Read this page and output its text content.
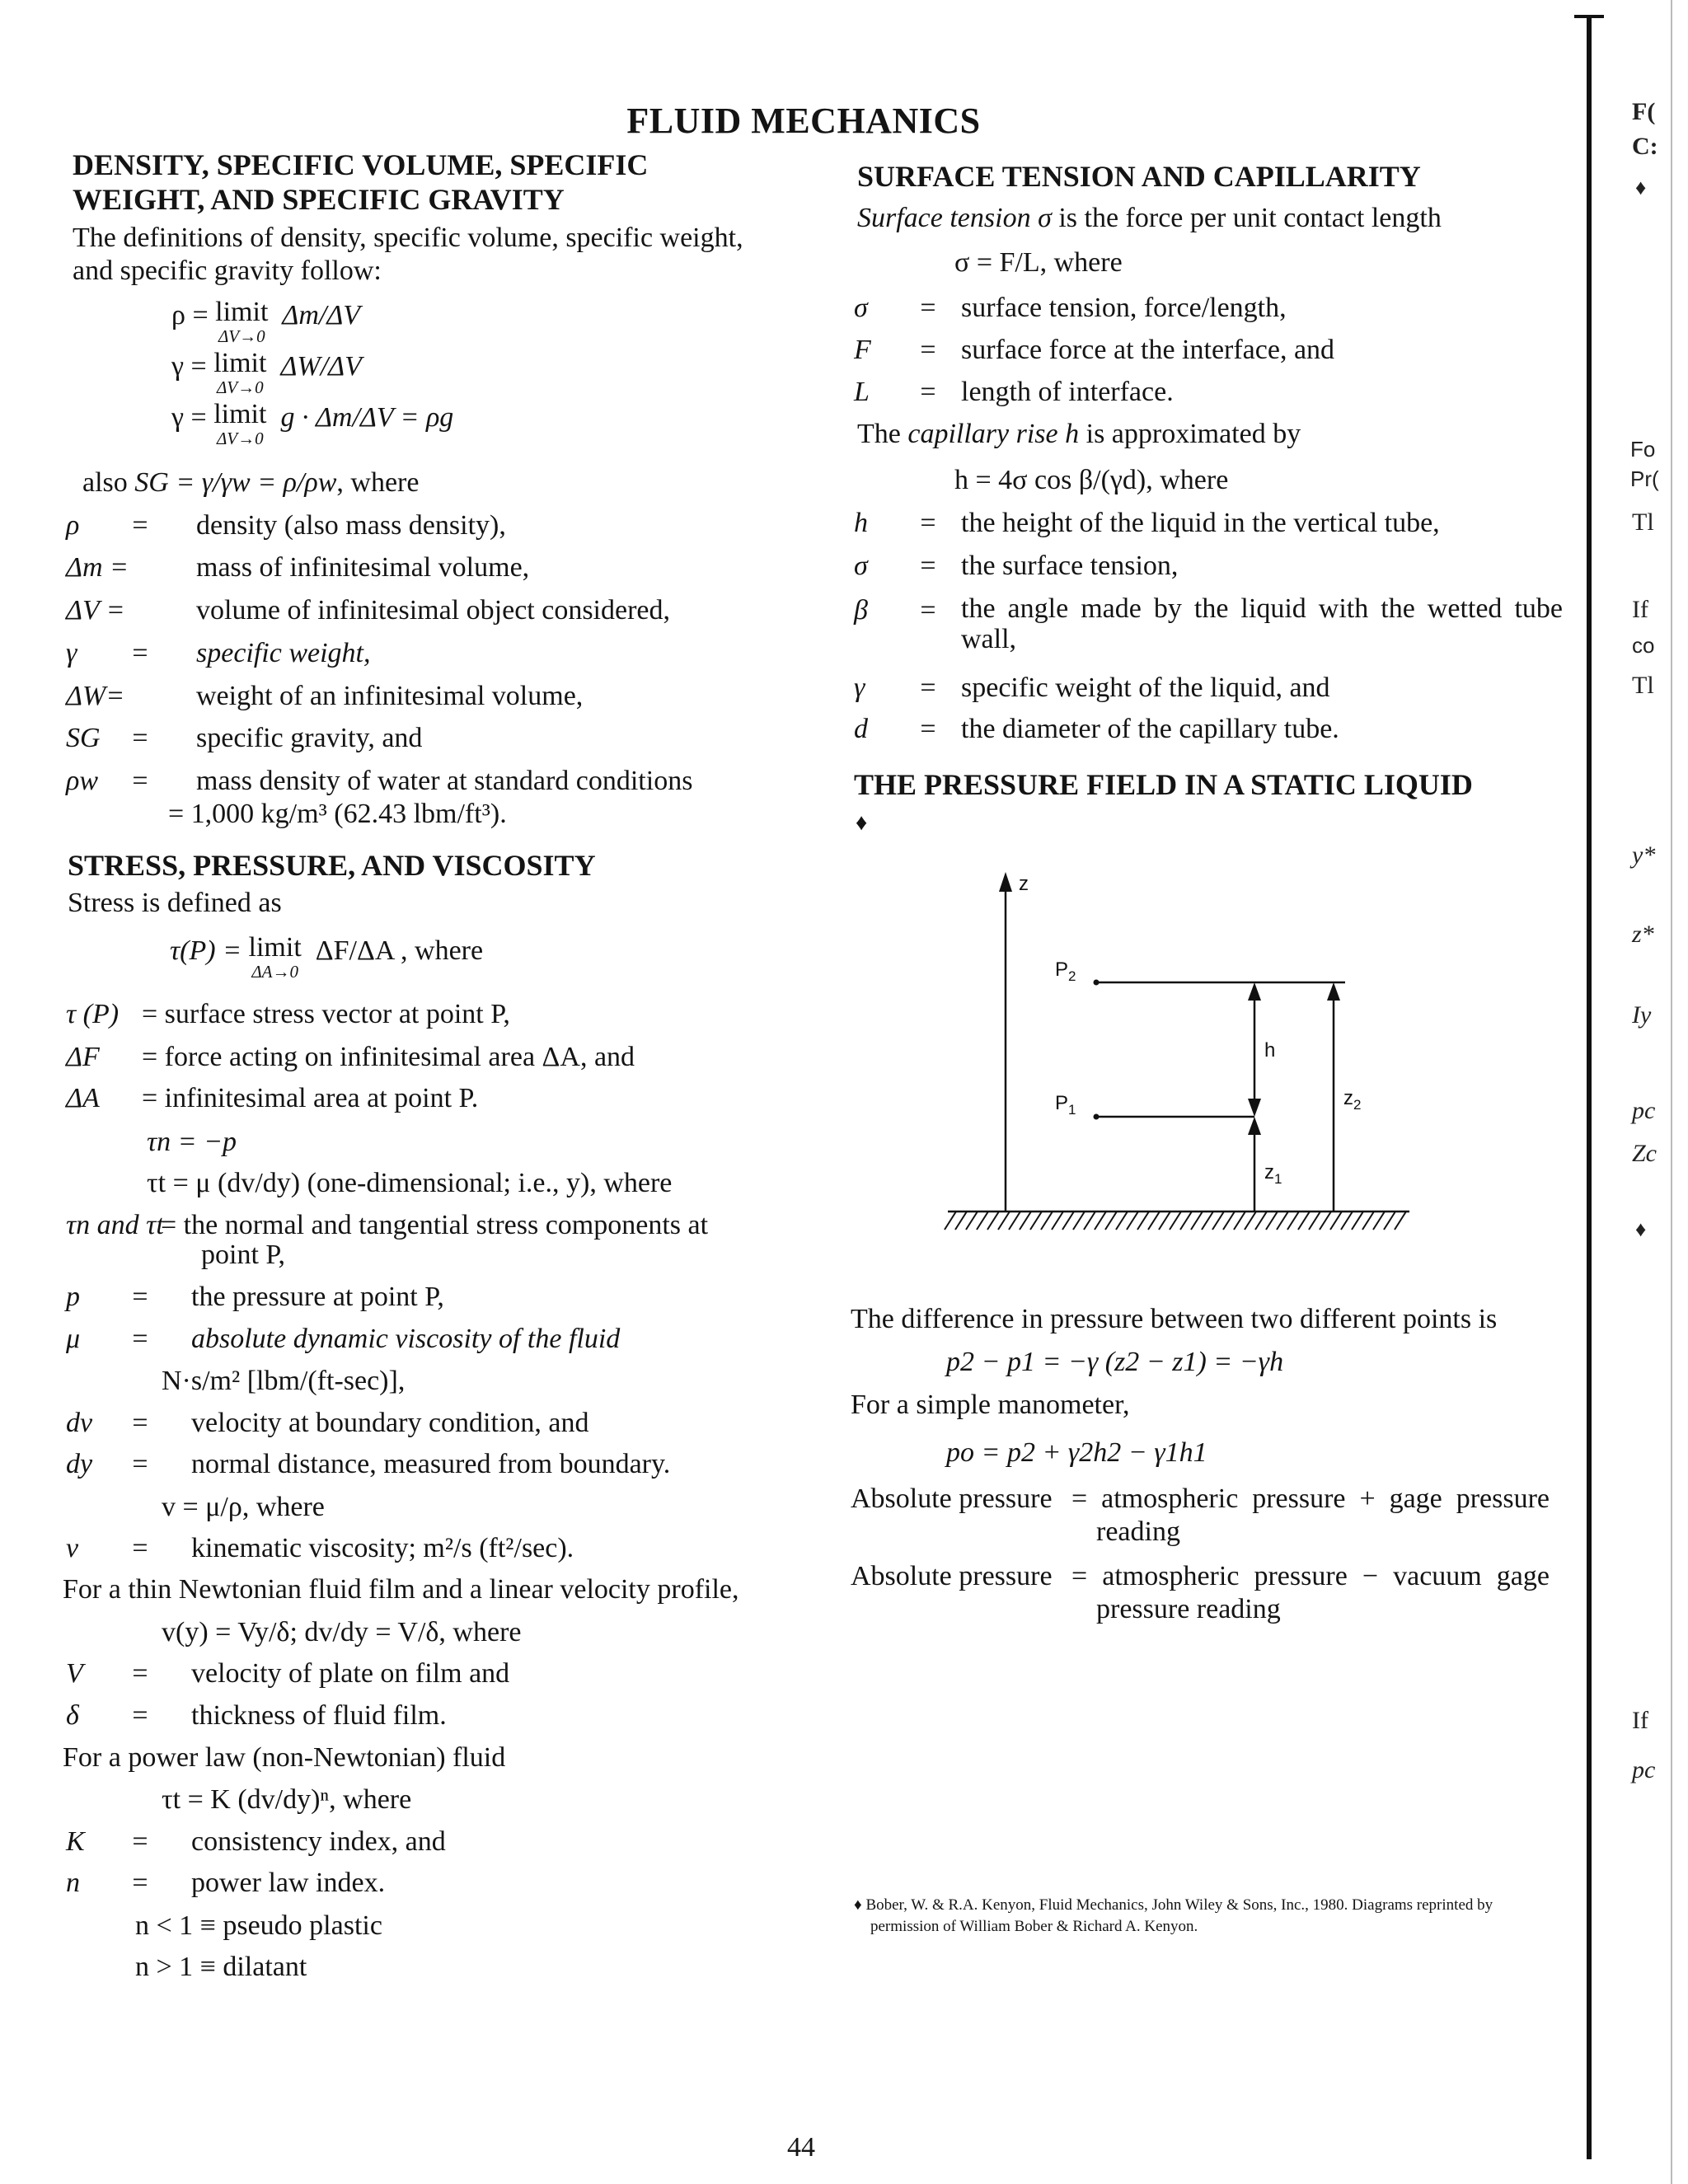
FLUID MECHANICS
DENSITY, SPECIFIC VOLUME, SPECIFIC
WEIGHT, AND SPECIFIC GRAVITY
The definitions of density, specific volume, specific weight,
and specific gravity follow:
ρ = limit
ΔV→0
Δm/ΔV
γ = limit
ΔV→0
ΔW/ΔV
γ = limit
ΔV→0
g · Δm/ΔV = ρg
also SG = γ/γw = ρ/ρw, where
ρ	=	density (also mass density),
Δm =	mass of infinitesimal volume,
ΔV =	volume of infinitesimal object considered,
γ	=	specific weight,
ΔW=	weight of an infinitesimal volume,
SG	=	specific gravity, and
ρw	=	mass density of water at standard conditions
= 1,000 kg/m³ (62.43 lbm/ft³).
STRESS, PRESSURE, AND VISCOSITY
Stress is defined as
τ(P) = limit
ΔA→0
ΔF/ΔA , where
τ (P) = surface stress vector at point P,
ΔF	= force acting on infinitesimal area ΔA, and
ΔA	= infinitesimal area at point P.
τn = −p
τt = μ (dv/dy) (one-dimensional; i.e., y), where
τn and τt
= the normal and tangential stress components at
point P,
p	=	the pressure at point P,
μ	=	absolute dynamic viscosity of the fluid
N·s/m² [lbm/(ft-sec)],
dv	=	velocity at boundary condition, and
dy	=	normal distance, measured from boundary.
v = μ/ρ, where
v	=	kinematic viscosity; m²/s (ft²/sec).
For a thin Newtonian fluid film and a linear velocity profile,
v(y) = Vy/δ; dv/dy = V/δ, where
V	=	velocity of plate on film and
δ	=	thickness of fluid film.
For a power law (non-Newtonian) fluid
τt = K (dv/dy)ⁿ, where
K	=	consistency index, and
n	=	power law index.
n < 1 ≡ pseudo plastic
n > 1 ≡ dilatant
SURFACE TENSION AND CAPILLARITY
Surface tension σ is the force per unit contact length
σ = F/L, where
σ	= surface tension, force/length,
F	= surface force at the interface, and
L	= length of interface.
The capillary rise h is approximated by
h = 4σ cos β/(γd), where
h	= the height of the liquid in the vertical tube,
σ	= the surface tension,
β	= the angle made by the liquid with the wetted tube wall,
γ	= specific weight of the liquid, and
d	= the diameter of the capillary tube.
THE PRESSURE FIELD IN A STATIC LIQUID
♦
z
$P_2$
$P_1$
h
$z_2$
$z_1$
The difference in pressure between two different points is
p2 − p1 = −γ (z2 − z1) = −γh
For a simple manometer,
po = p2 + γ2h2 − γ1h1
Absolute pressure = atmospheric pressure + gage pressure
reading
Absolute pressure = atmospheric pressure − vacuum gage
pressure reading
♦ Bober, W. & R.A. Kenyon, Fluid Mechanics, John Wiley & Sons, Inc., 1980. Diagrams reprinted by
permission of William Bober & Richard A. Kenyon.
44
F(
C:
♦
Fo
Pr(
Tl
If
co
Tl
y*
z*
Iy
pc
Zc
♦
If
pc
